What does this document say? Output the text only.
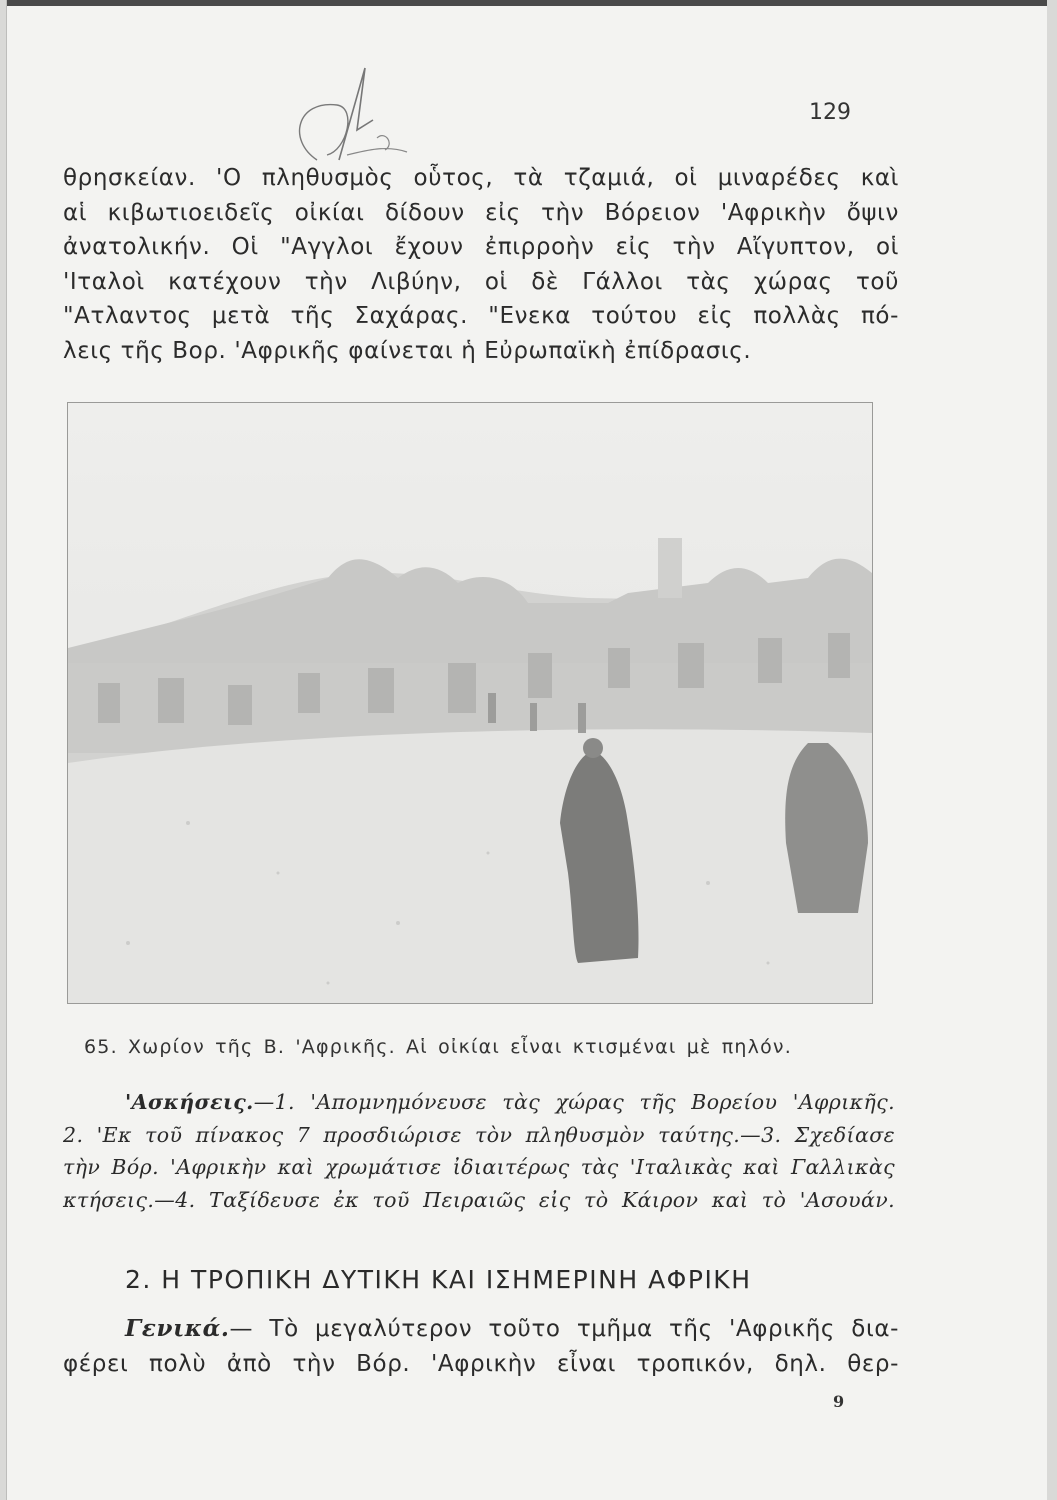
129
θρησκείαν. 'Ο πληθυσμὸς οὗτος, τὰ τζαμιά, οἱ μιναρέδες καὶ
αἱ κιβωτιοειδεῖς οἰκίαι δίδουν εἰς τὴν Βόρειον 'Αφρικὴν ὄψιν
ἀνατολικήν. Οἱ "Αγγλοι ἔχουν ἐπιρροὴν εἰς τὴν Αἴγυπτον, οἱ
'Ιταλοὶ κατέχουν τὴν Λιβύην, οἱ δὲ Γάλλοι τὰς χώρας τοῦ
"Ατλαντος μετὰ τῆς Σαχάρας. "Ενεκα τούτου εἰς πολλὰς πό-
λεις τῆς Βορ. 'Αφρικῆς φαίνεται ἡ Εὐρωπαϊκὴ ἐπίδρασις.
65. Χωρίον τῆς Β. 'Αφρικῆς. Αἱ οἰκίαι εἶναι κτισμέναι μὲ πηλόν.
'Ασκήσεις.—1. 'Απομνημόνευσε τὰς χώρας τῆς Βορείου 'Αφρικῆς.
2. 'Εκ τοῦ πίνακος 7 προσδιώρισε τὸν πληθυσμὸν ταύτης.—3. Σχεδίασε
τὴν Βόρ. 'Αφρικὴν καὶ χρωμάτισε ἰδιαιτέρως τὰς 'Ιταλικὰς καὶ Γαλλικὰς
κτήσεις.—4. Ταξίδευσε ἐκ τοῦ Πειραιῶς εἰς τὸ Κάιρον καὶ τὸ 'Ασουάν.
2. Η ΤΡΟΠΙΚΗ ΔΥΤΙΚΗ ΚΑΙ ΙΣΗΜΕΡΙΝΗ ΑΦΡΙΚΗ
Γενικά.— Τὸ μεγαλύτερον τοῦτο τμῆμα τῆς 'Αφρικῆς δια-
φέρει πολὺ ἀπὸ τὴν Βόρ. 'Αφρικὴν εἶναι τροπικόν, δηλ. θερ-
9
